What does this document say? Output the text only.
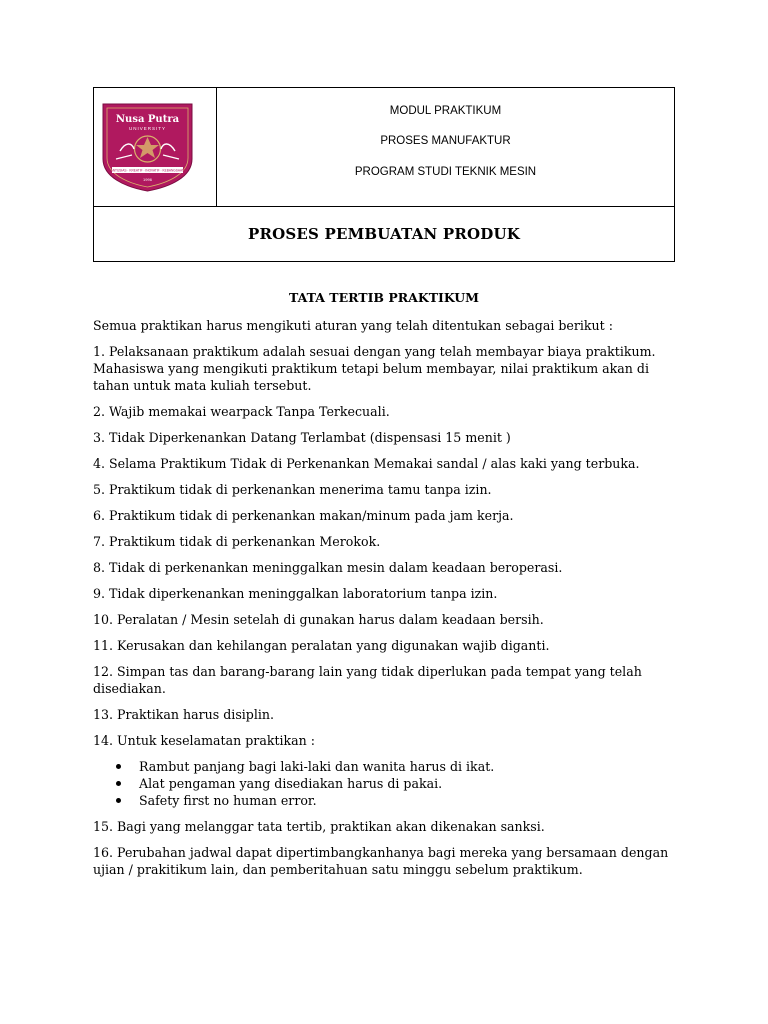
Nusa Putra
UNIVERSITY
ANTUSIAS · KREATIF · INOVATIF · KEBANGSAAN
1996
MODUL PRAKTIKUM
PROSES MANUFAKTUR
PROGRAM STUDI TEKNIK MESIN
PROSES PEMBUATAN PRODUK
TATA TERTIB PRAKTIKUM

Semua praktikan harus mengikuti aturan yang telah ditentukan sebagai berikut :

1. Pelaksanaan praktikum adalah sesuai dengan yang telah membayar biaya praktikum. Mahasiswa yang mengikuti praktikum tetapi belum membayar, nilai praktikum akan di tahan untuk mata kuliah tersebut.

2. Wajib memakai wearpack Tanpa Terkecuali.

3. Tidak Diperkenankan Datang Terlambat (dispensasi 15 menit )

4. Selama Praktikum Tidak di Perkenankan Memakai sandal / alas kaki yang terbuka.

5. Praktikum tidak di perkenankan menerima tamu tanpa izin.

6. Praktikum tidak di perkenankan makan/minum pada jam kerja.

7. Praktikum tidak di perkenankan Merokok.

8. Tidak di perkenankan meninggalkan mesin dalam keadaan beroperasi.

9. Tidak diperkenankan meninggalkan laboratorium tanpa izin.

10. Peralatan / Mesin setelah di gunakan harus dalam keadaan bersih.

11. Kerusakan dan kehilangan peralatan yang digunakan wajib diganti.

12. Simpan tas dan barang-barang lain yang tidak diperlukan pada tempat yang telah disediakan.

13. Praktikan harus disiplin.

14. Untuk keselamatan praktikan :

Rambut panjang bagi laki-laki dan wanita harus di ikat.
Alat pengaman yang disediakan harus di pakai.
Safety first no human error.

15. Bagi yang melanggar tata tertib, praktikan akan dikenakan sanksi.

16. Perubahan jadwal dapat dipertimbangkanhanya bagi mereka yang bersamaan dengan ujian / prakitikum lain, dan pemberitahuan satu minggu sebelum praktikum.
